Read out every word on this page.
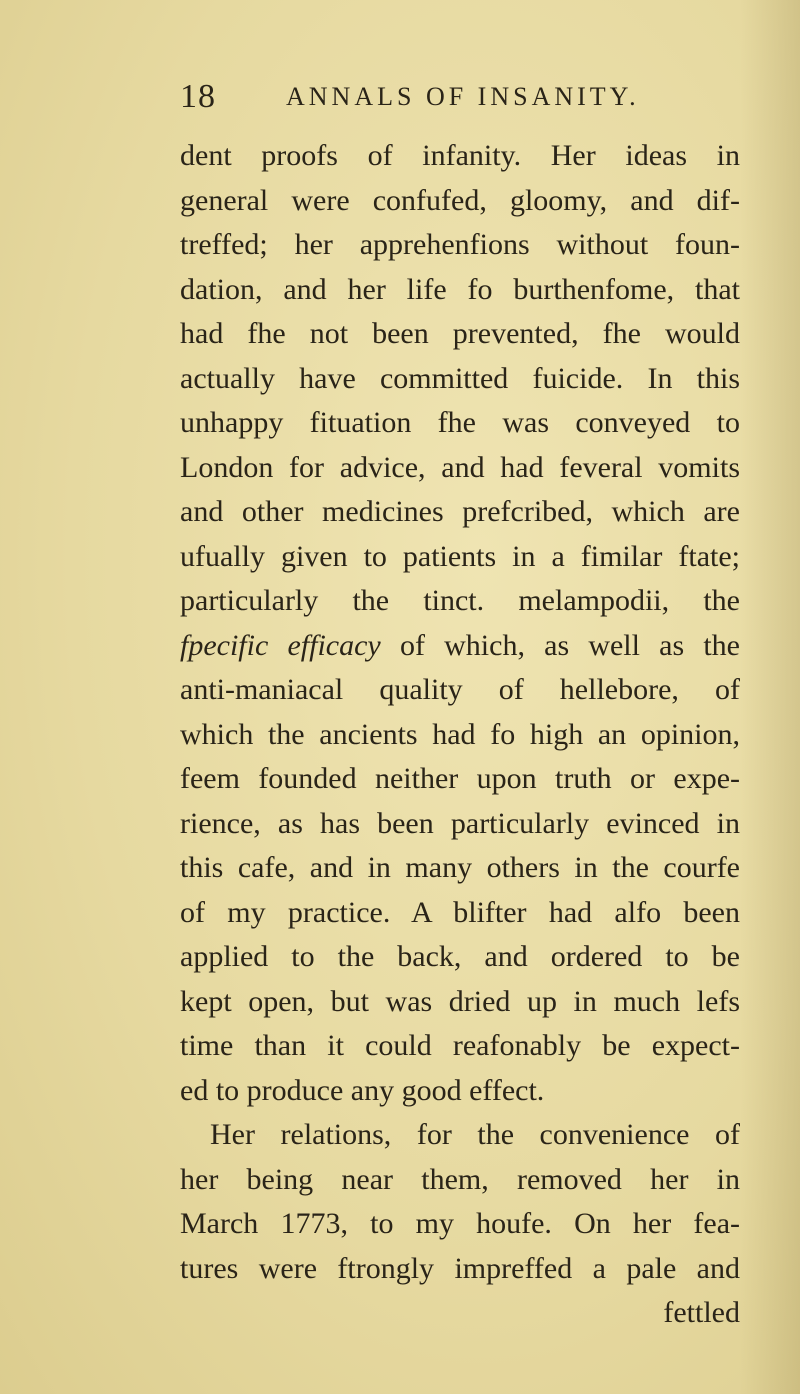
18	ANNALS OF INSANITY.
dent proofs of infanity. Her ideas in
general were confufed, gloomy, and dif-
treffed; her apprehenfions without foun-
dation, and her life fo burthenfome, that
had fhe not been prevented, fhe would
actually have committed fuicide. In this
unhappy fituation fhe was conveyed to
London for advice, and had feveral vomits
and other medicines prefcribed, which are
ufually given to patients in a fimilar ftate;
particularly the tinct. melampodii, the
fpecific efficacy of which, as well as the
anti-maniacal quality of hellebore, of
which the ancients had fo high an opinion,
feem founded neither upon truth or expe-
rience, as has been particularly evinced in
this cafe, and in many others in the courfe
of my practice. A blifter had alfo been
applied to the back, and ordered to be
kept open, but was dried up in much lefs
time than it could reafonably be expect-
ed to produce any good effect.
Her relations, for the convenience of
her being near them, removed her in
March 1773, to my houfe. On her fea-
tures were ftrongly impreffed a pale and
fettled
